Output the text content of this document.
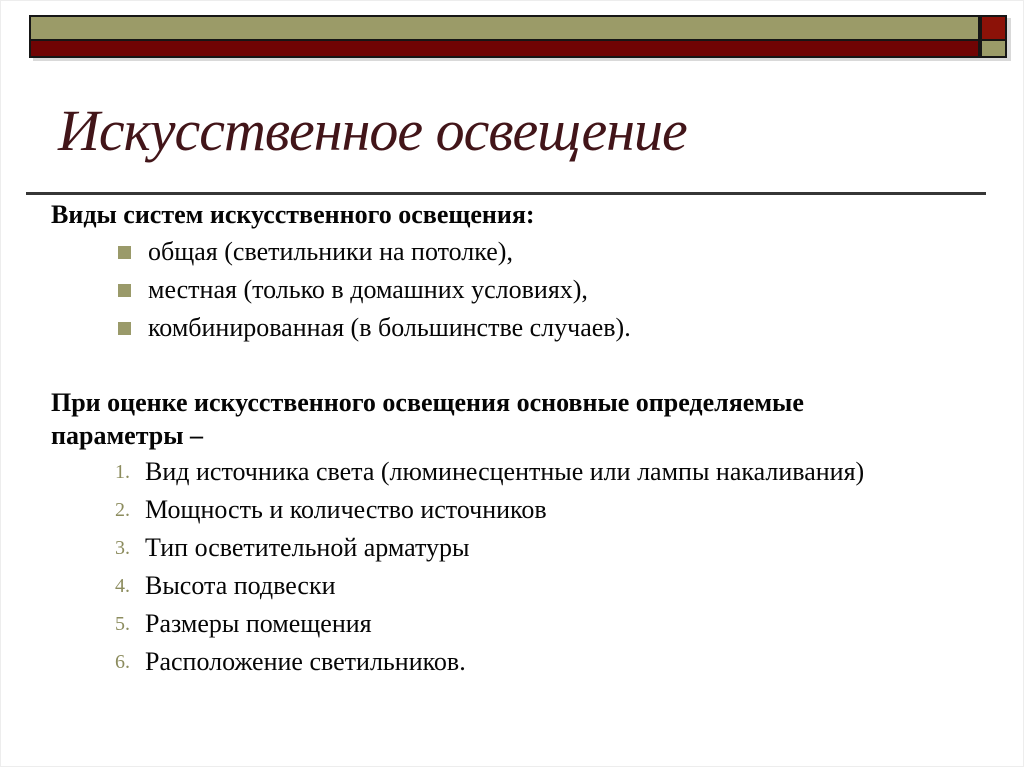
Искусственное освещение

Виды систем искусственного освещения:

общая (светильники на потолке),
местная (только в домашних условиях),
комбинированная (в большинстве случаев).

При оценке искусственного освещения основные определяемые
параметры –

1. Вид источника света (люминесцентные или лампы накаливания)
2. Мощность и количество источников
3. Тип осветительной арматуры
4. Высота подвески
5. Размеры помещения
6. Расположение светильников.
